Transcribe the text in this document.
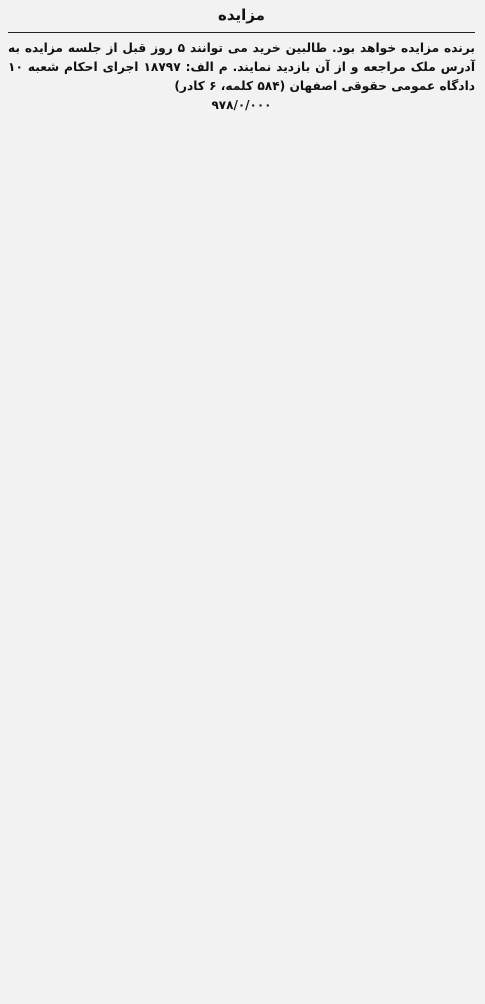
مزایده

برنده مزایده خواهد بود. طالبین خرید می توانند ۵ روز قبل از جلسه مزایده به آدرس ملک مراجعه و از آن بازدید نمایند. م الف: ۱۸۷۹۷ اجرای احکام شعبه ۱۰ دادگاه عمومی حقوقی اصفهان (۵۸۴ کلمه، ۶ کادر)

۹۷۸/۰/۰۰۰
